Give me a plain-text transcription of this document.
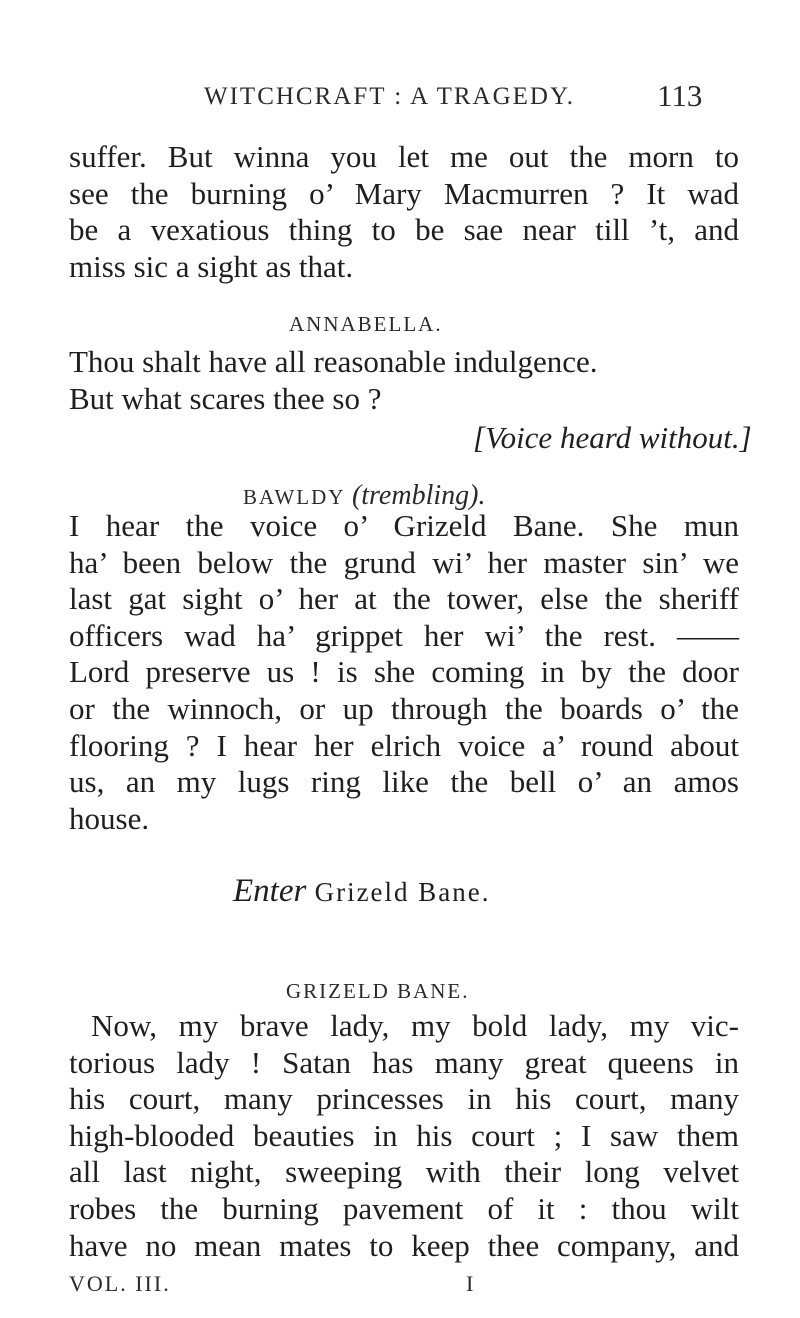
WITCHCRAFT : A TRAGEDY.	113
suffer. But winna you let me out the morn to
see the burning o’ Mary Macmurren ? It wad
be a vexatious thing to be sae near till ’t, and
miss sic a sight as that.
ANNABELLA.
Thou shalt have all reasonable indulgence.
But what scares thee so ?
[Voice heard without.]
BAWLDY (trembling).
I hear the voice o’ Grizeld Bane. She mun
ha’ been below the grund wi’ her master sin’ we
last gat sight o’ her at the tower, else the sheriff
officers wad ha’ grippet her wi’ the rest. ——
Lord preserve us ! is she coming in by the door
or the winnoch, or up through the boards o’ the
flooring ? I hear her elrich voice a’ round about
us, an my lugs ring like the bell o’ an amos
house.
Enter Grizeld Bane.
GRIZELD BANE.
Now, my brave lady, my bold lady, my vic-
torious lady ! Satan has many great queens in
his court, many princesses in his court, many
high-blooded beauties in his court ; I saw them
all last night, sweeping with their long velvet
robes the burning pavement of it : thou wilt
have no mean mates to keep thee company, and
VOL. III.	I
